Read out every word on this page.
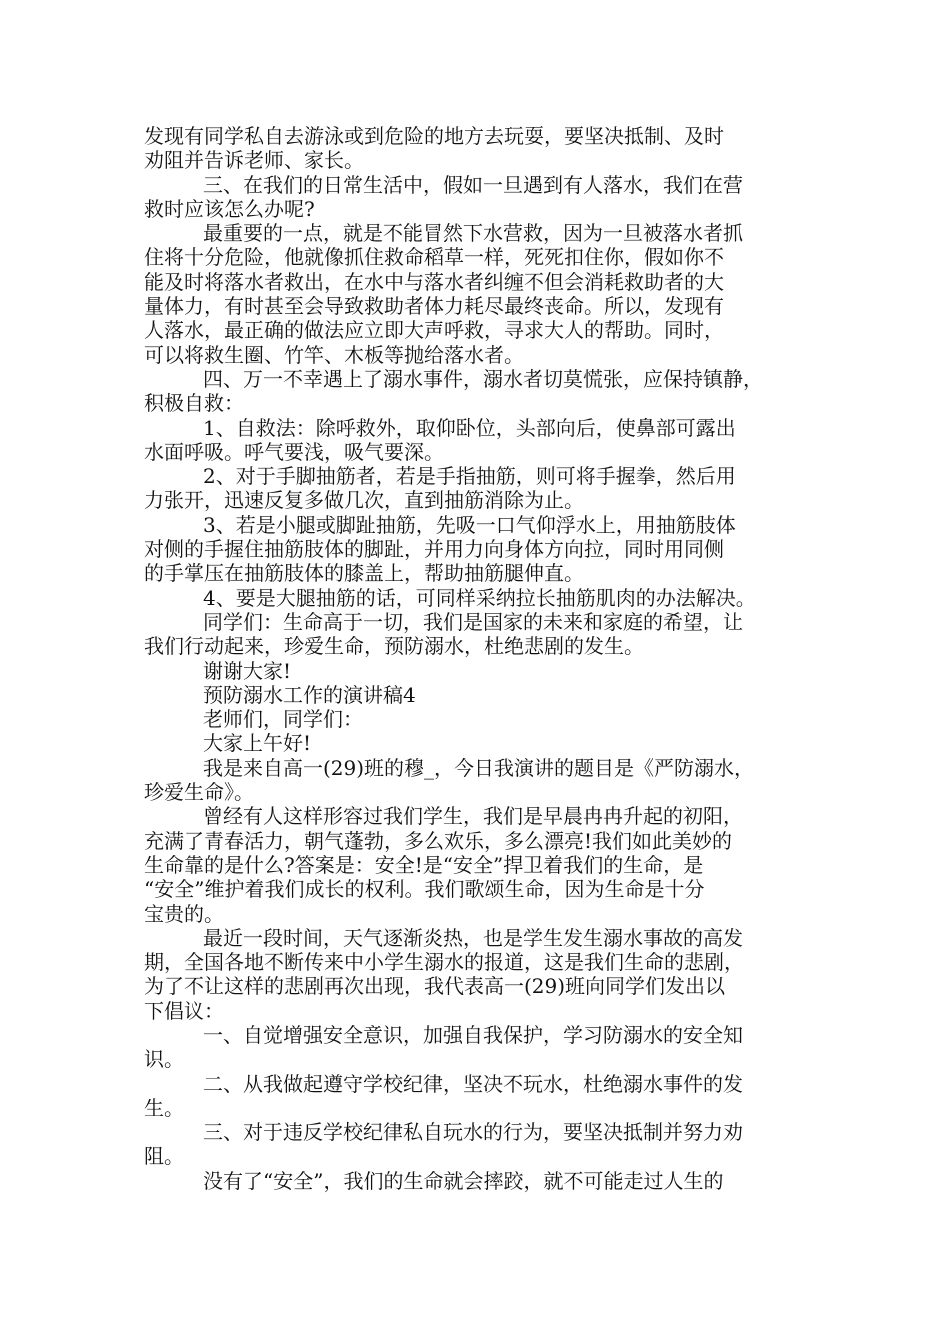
发现有同学私自去游泳或到危险的地方去玩耍，要坚决抵制、及时
劝阻并告诉老师、家长。
三、在我们的日常生活中，假如一旦遇到有人落水，我们在营
救时应该怎么办呢?
最重要的一点，就是不能冒然下水营救，因为一旦被落水者抓
住将十分危险，他就像抓住救命稻草一样，死死扣住你，假如你不
能及时将落水者救出，在水中与落水者纠缠不但会消耗救助者的大
量体力，有时甚至会导致救助者体力耗尽最终丧命。所以，发现有
人落水，最正确的做法应立即大声呼救，寻求大人的帮助。同时，
可以将救生圈、竹竿、木板等抛给落水者。
四、万一不幸遇上了溺水事件，溺水者切莫慌张，应保持镇静，
积极自救：
1、自救法：除呼救外，取仰卧位，头部向后，使鼻部可露出
水面呼吸。呼气要浅，吸气要深。
2、对于手脚抽筋者，若是手指抽筋，则可将手握拳，然后用
力张开，迅速反复多做几次，直到抽筋消除为止。
3、若是小腿或脚趾抽筋，先吸一口气仰浮水上，用抽筋肢体
对侧的手握住抽筋肢体的脚趾，并用力向身体方向拉，同时用同侧
的手掌压在抽筋肢体的膝盖上，帮助抽筋腿伸直。
4、要是大腿抽筋的话，可同样采纳拉长抽筋肌肉的办法解决。
同学们：生命高于一切，我们是国家的未来和家庭的希望，让
我们行动起来，珍爱生命，预防溺水，杜绝悲剧的发生。
谢谢大家!
预防溺水工作的演讲稿4
老师们，同学们：
大家上午好!
我是来自高一(29)班的穆_，今日我演讲的题目是《严防溺水，
珍爱生命》。
曾经有人这样形容过我们学生，我们是早晨冉冉升起的初阳，
充满了青春活力，朝气蓬勃，多么欢乐，多么漂亮!我们如此美妙的
生命靠的是什么?答案是：安全!是“安全”捍卫着我们的生命，是
“安全”维护着我们成长的权利。我们歌颂生命，因为生命是十分
宝贵的。
最近一段时间，天气逐渐炎热，也是学生发生溺水事故的高发
期，全国各地不断传来中小学生溺水的报道，这是我们生命的悲剧，
为了不让这样的悲剧再次出现，我代表高一(29)班向同学们发出以
下倡议：
一、自觉增强安全意识，加强自我保护，学习防溺水的安全知
识。
二、从我做起遵守学校纪律，坚决不玩水，杜绝溺水事件的发
生。
三、对于违反学校纪律私自玩水的行为，要坚决抵制并努力劝
阻。
没有了“安全”，我们的生命就会摔跤，就不可能走过人生的
